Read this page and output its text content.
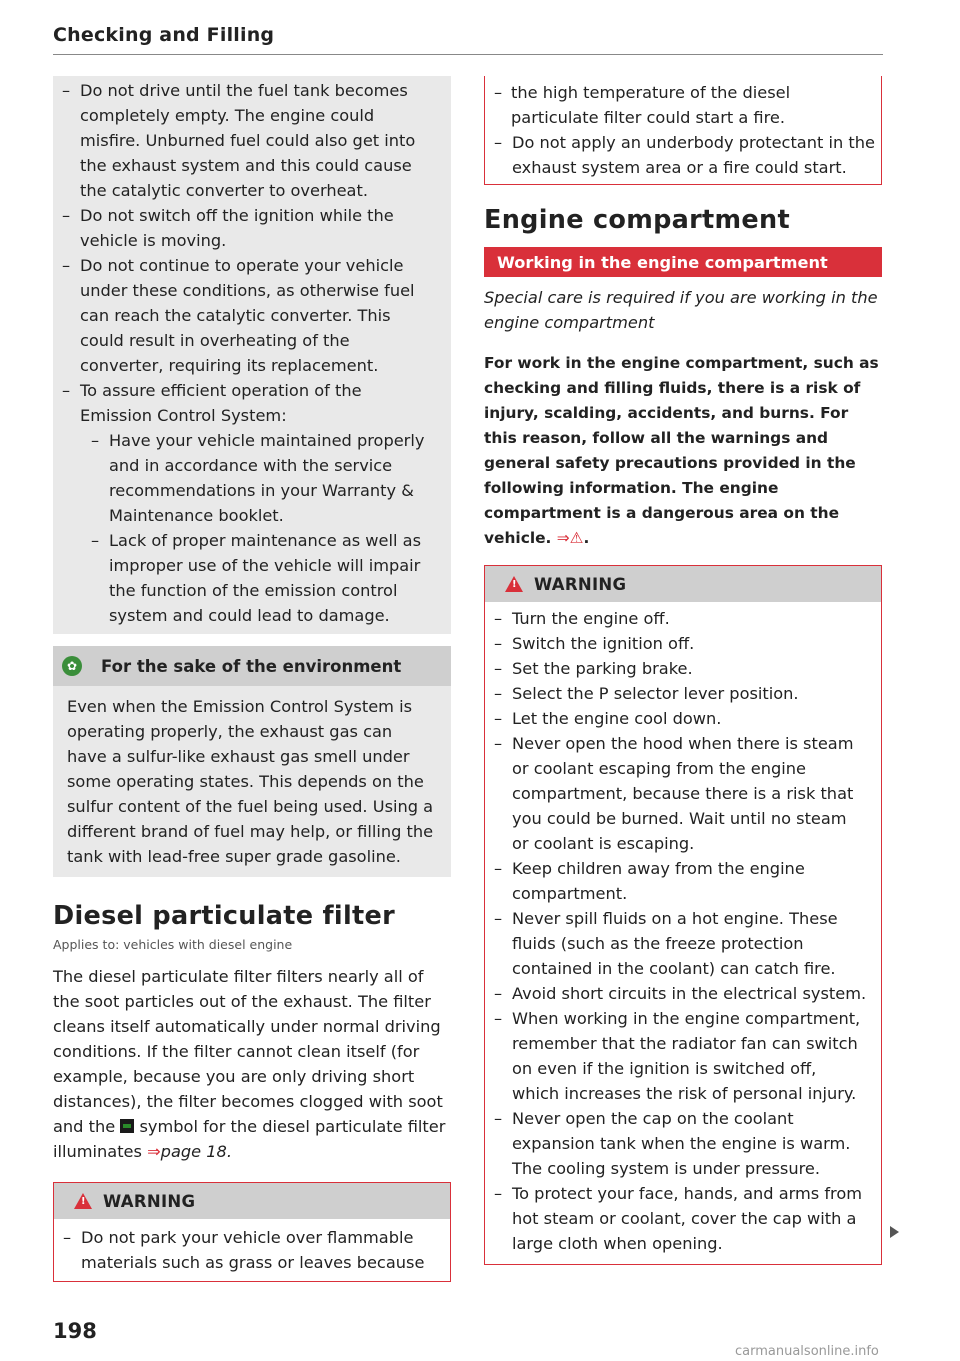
Checking and Filling
– Do not drive until the fuel tank becomes completely empty. The engine could misfire. Unburned fuel could also get into the exhaust system and this could cause the catalytic converter to overheat.
– Do not switch off the ignition while the vehicle is moving.
– Do not continue to operate your vehicle under these conditions, as otherwise fuel can reach the catalytic converter. This could result in overheating of the converter, requiring its replacement.
– To assure efficient operation of the Emission Control System:
– Have your vehicle maintained properly and in accordance with the service recommendations in your Warranty & Maintenance booklet.
– Lack of proper maintenance as well as improper use of the vehicle will impair the function of the emission control system and could lead to damage.
✿	For the sake of the environment
Even when the Emission Control System is operating properly, the exhaust gas can have a sulfur-like exhaust gas smell under some operating states. This depends on the sulfur content of the fuel being used. Using a different brand of fuel may help, or filling the tank with lead-free super grade gasoline.
Diesel particulate filter
Applies to: vehicles with diesel engine

The diesel particulate filter filters nearly all of the soot particles out of the exhaust. The filter cleans itself automatically under normal driving conditions. If the filter cannot clean itself (for example, because you are only driving short distances), the filter becomes clogged with soot and the symbol for the diesel particulate filter illuminates ⇒page 18.

! WARNING
– Do not park your vehicle over flammable materials such as grass or leaves because
– the high temperature of the diesel particulate filter could start a fire.
– Do not apply an underbody protectant in the exhaust system area or a fire could start.
Engine compartment
Working in the engine compartment
Special care is required if you are working in the engine compartment
For work in the engine compartment, such as checking and filling fluids, there is a risk of injury, scalding, accidents, and burns. For this reason, follow all the warnings and general safety precautions provided in the following information. The engine compartment is a dangerous area on the vehicle. ⇒⚠.
! WARNING
– Turn the engine off.
– Switch the ignition off.
– Set the parking brake.
– Select the P selector lever position.
– Let the engine cool down.
– Never open the hood when there is steam or coolant escaping from the engine compartment, because there is a risk that you could be burned. Wait until no steam or coolant is escaping.
– Keep children away from the engine compartment.
– Never spill fluids on a hot engine. These fluids (such as the freeze protection contained in the coolant) can catch fire.
– Avoid short circuits in the electrical system.
– When working in the engine compartment, remember that the radiator fan can switch on even if the ignition is switched off, which increases the risk of personal injury.
– Never open the cap on the coolant expansion tank when the engine is warm. The cooling system is under pressure.
– To protect your face, hands, and arms from hot steam or coolant, cover the cap with a large cloth when opening.
198
carmanualsonline.info
